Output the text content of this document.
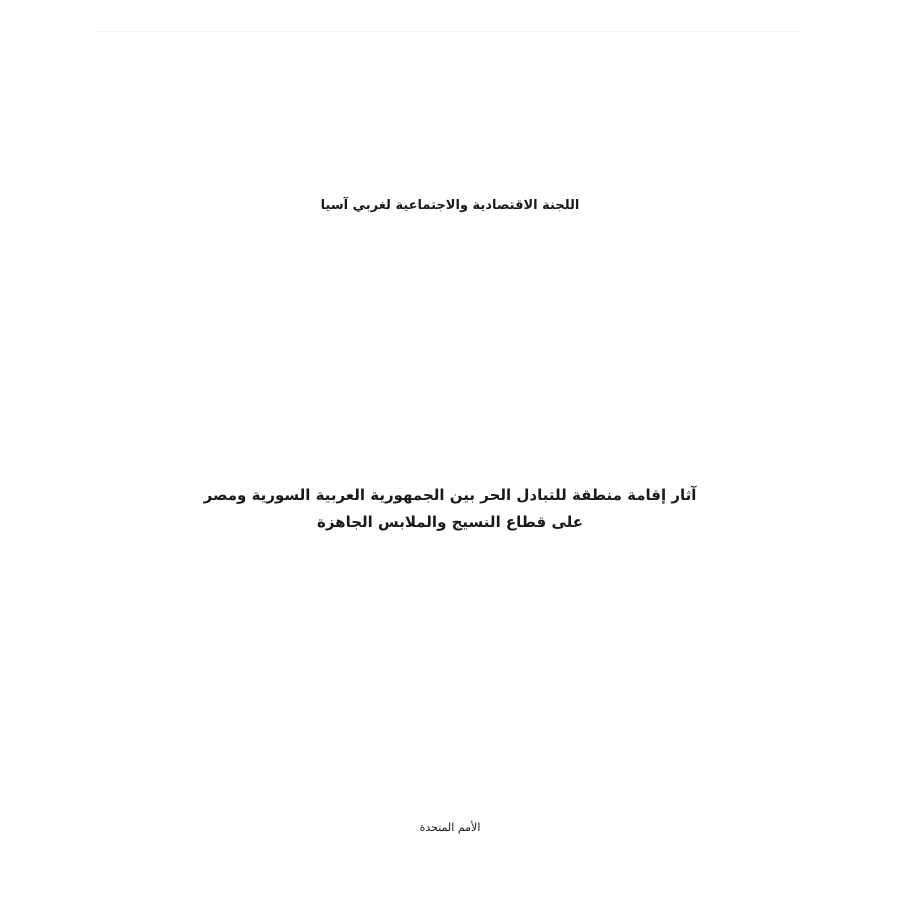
اللجنة الاقتصادية والاجتماعية لغربي آسيا
آثار إقامة منطقة للتبادل الحر بين الجمهورية العربية السورية ومصر
على قطاع النسيج والملابس الجاهزة
الأمم المتحدة
